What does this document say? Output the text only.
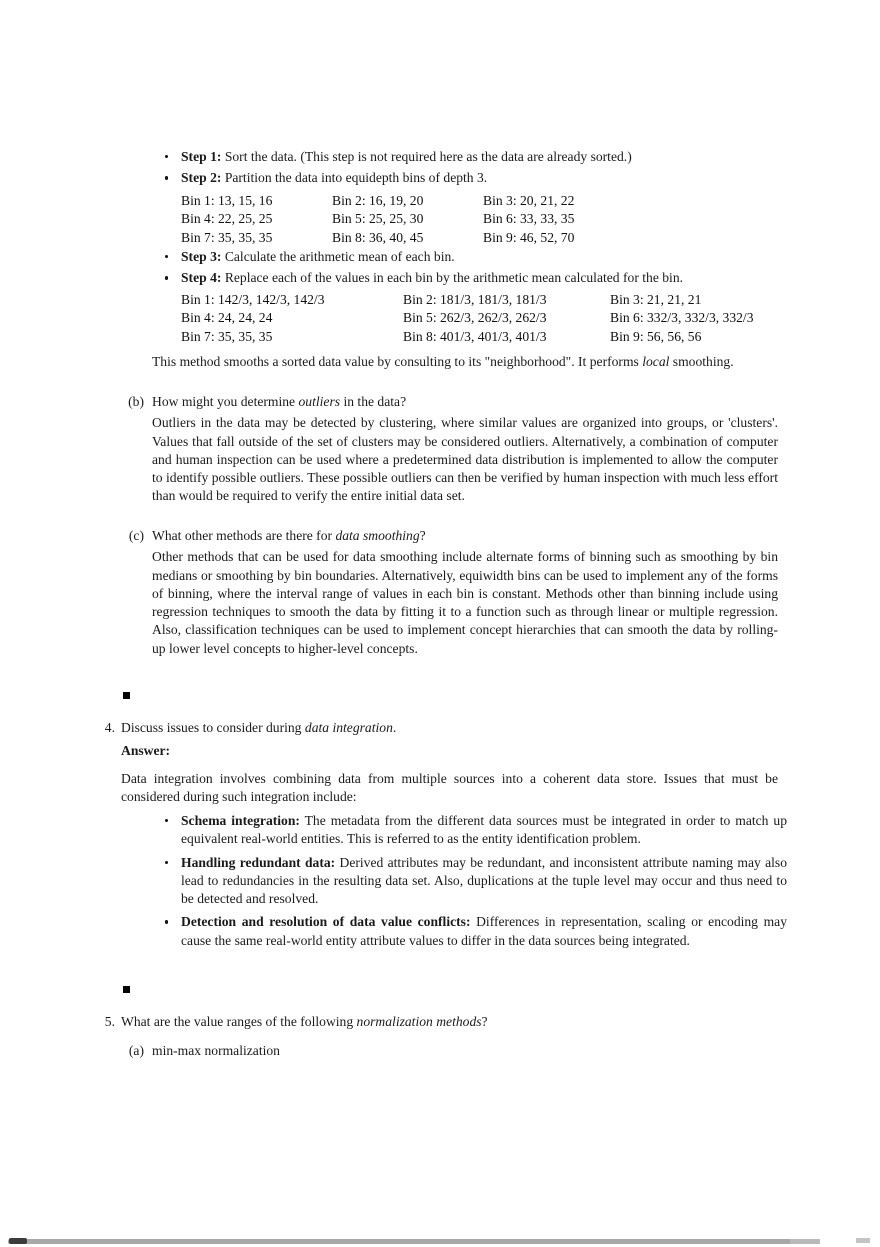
Step 1: Sort the data. (This step is not required here as the data are already sorted.)
Step 2: Partition the data into equidepth bins of depth 3.
Bin 1: 13, 15, 16	Bin 2: 16, 19, 20	Bin 3: 20, 21, 22
Bin 4: 22, 25, 25	Bin 5: 25, 25, 30	Bin 6: 33, 33, 35
Bin 7: 35, 35, 35	Bin 8: 36, 40, 45	Bin 9: 46, 52, 70
Step 3: Calculate the arithmetic mean of each bin.
Step 4: Replace each of the values in each bin by the arithmetic mean calculated for the bin.
Bin 1: 142/3, 142/3, 142/3	Bin 2: 181/3, 181/3, 181/3	Bin 3: 21, 21, 21
Bin 4: 24, 24, 24	Bin 5: 262/3, 262/3, 262/3	Bin 6: 332/3, 332/3, 332/3
Bin 7: 35, 35, 35	Bin 8: 401/3, 401/3, 401/3	Bin 9: 56, 56, 56

This method smooths a sorted data value by consulting to its "neighborhood". It performs local smoothing.

(b) How might you determine outliers in the data?

Outliers in the data may be detected by clustering, where similar values are organized into groups, or 'clusters'. Values that fall outside of the set of clusters may be considered outliers. Alternatively, a combination of computer and human inspection can be used where a predetermined data distribution is implemented to allow the computer to identify possible outliers. These possible outliers can then be verified by human inspection with much less effort than would be required to verify the entire initial data set.

(c) What other methods are there for data smoothing?

Other methods that can be used for data smoothing include alternate forms of binning such as smoothing by bin medians or smoothing by bin boundaries. Alternatively, equiwidth bins can be used to implement any of the forms of binning, where the interval range of values in each bin is constant. Methods other than binning include using regression techniques to smooth the data by fitting it to a function such as through linear or multiple regression. Also, classification techniques can be used to implement concept hierarchies that can smooth the data by rolling-up lower level concepts to higher-level concepts.

4. Discuss issues to consider during data integration.
Answer:

Data integration involves combining data from multiple sources into a coherent data store. Issues that must be considered during such integration include:

Schema integration: The metadata from the different data sources must be integrated in order to match up equivalent real-world entities. This is referred to as the entity identification problem.
Handling redundant data: Derived attributes may be redundant, and inconsistent attribute naming may also lead to redundancies in the resulting data set. Also, duplications at the tuple level may occur and thus need to be detected and resolved.
Detection and resolution of data value conflicts: Differences in representation, scaling or encoding may cause the same real-world entity attribute values to differ in the data sources being integrated.
5. What are the value ranges of the following normalization methods?
(a) min-max normalization
